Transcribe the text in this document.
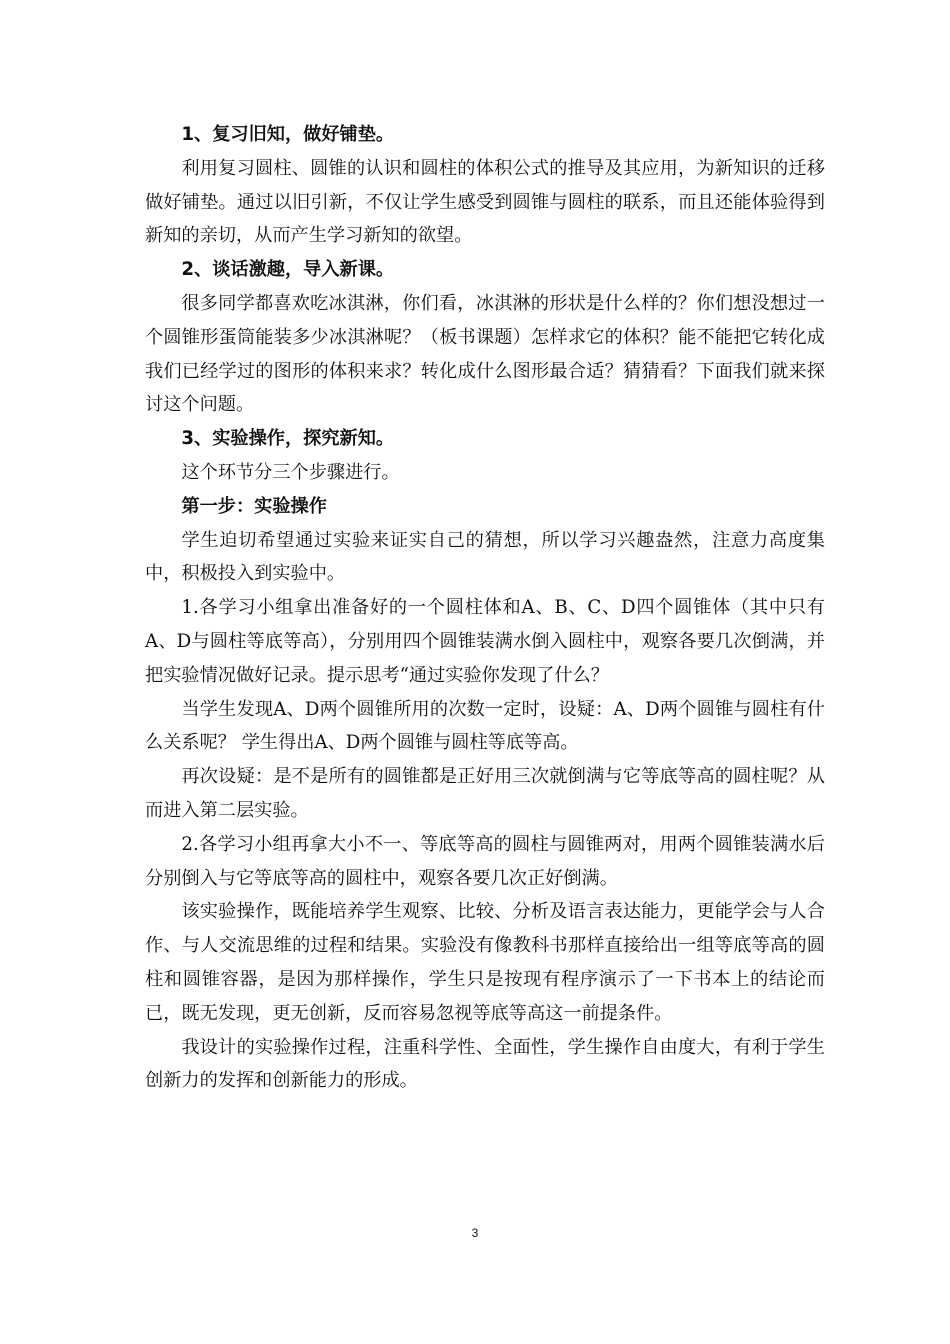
1、复习旧知，做好铺垫。

利用复习圆柱、圆锥的认识和圆柱的体积公式的推导及其应用，为新知识的迁移做好铺垫。通过以旧引新，不仅让学生感受到圆锥与圆柱的联系，而且还能体验得到新知的亲切，从而产生学习新知的欲望。

2、谈话激趣，导入新课。

很多同学都喜欢吃冰淇淋，你们看，冰淇淋的形状是什么样的？你们想没想过一个圆锥形蛋筒能装多少冰淇淋呢？（板书课题）怎样求它的体积？能不能把它转化成我们已经学过的图形的体积来求？转化成什么图形最合适？猜猜看？下面我们就来探讨这个问题。

3、实验操作，探究新知。

这个环节分三个步骤进行。

第一步：实验操作

学生迫切希望通过实验来证实自己的猜想，所以学习兴趣盎然，注意力高度集中，积极投入到实验中。

1.各学习小组拿出准备好的一个圆柱体和A、B、C、D四个圆锥体（其中只有A、D与圆柱等底等高），分别用四个圆锥装满水倒入圆柱中，观察各要几次倒满，并把实验情况做好记录。提示思考“通过实验你发现了什么？

当学生发现A、D两个圆锥所用的次数一定时，设疑：A、D两个圆锥与圆柱有什么关系呢？ 学生得出A、D两个圆锥与圆柱等底等高。

再次设疑：是不是所有的圆锥都是正好用三次就倒满与它等底等高的圆柱呢？从而进入第二层实验。

2.各学习小组再拿大小不一、等底等高的圆柱与圆锥两对，用两个圆锥装满水后分别倒入与它等底等高的圆柱中，观察各要几次正好倒满。

该实验操作，既能培养学生观察、比较、分析及语言表达能力，更能学会与人合作、与人交流思维的过程和结果。实验没有像教科书那样直接给出一组等底等高的圆柱和圆锥容器，是因为那样操作，学生只是按现有程序演示了一下书本上的结论而已，既无发现，更无创新，反而容易忽视等底等高这一前提条件。

我设计的实验操作过程，注重科学性、全面性，学生操作自由度大，有利于学生创新力的发挥和创新能力的形成。

3
